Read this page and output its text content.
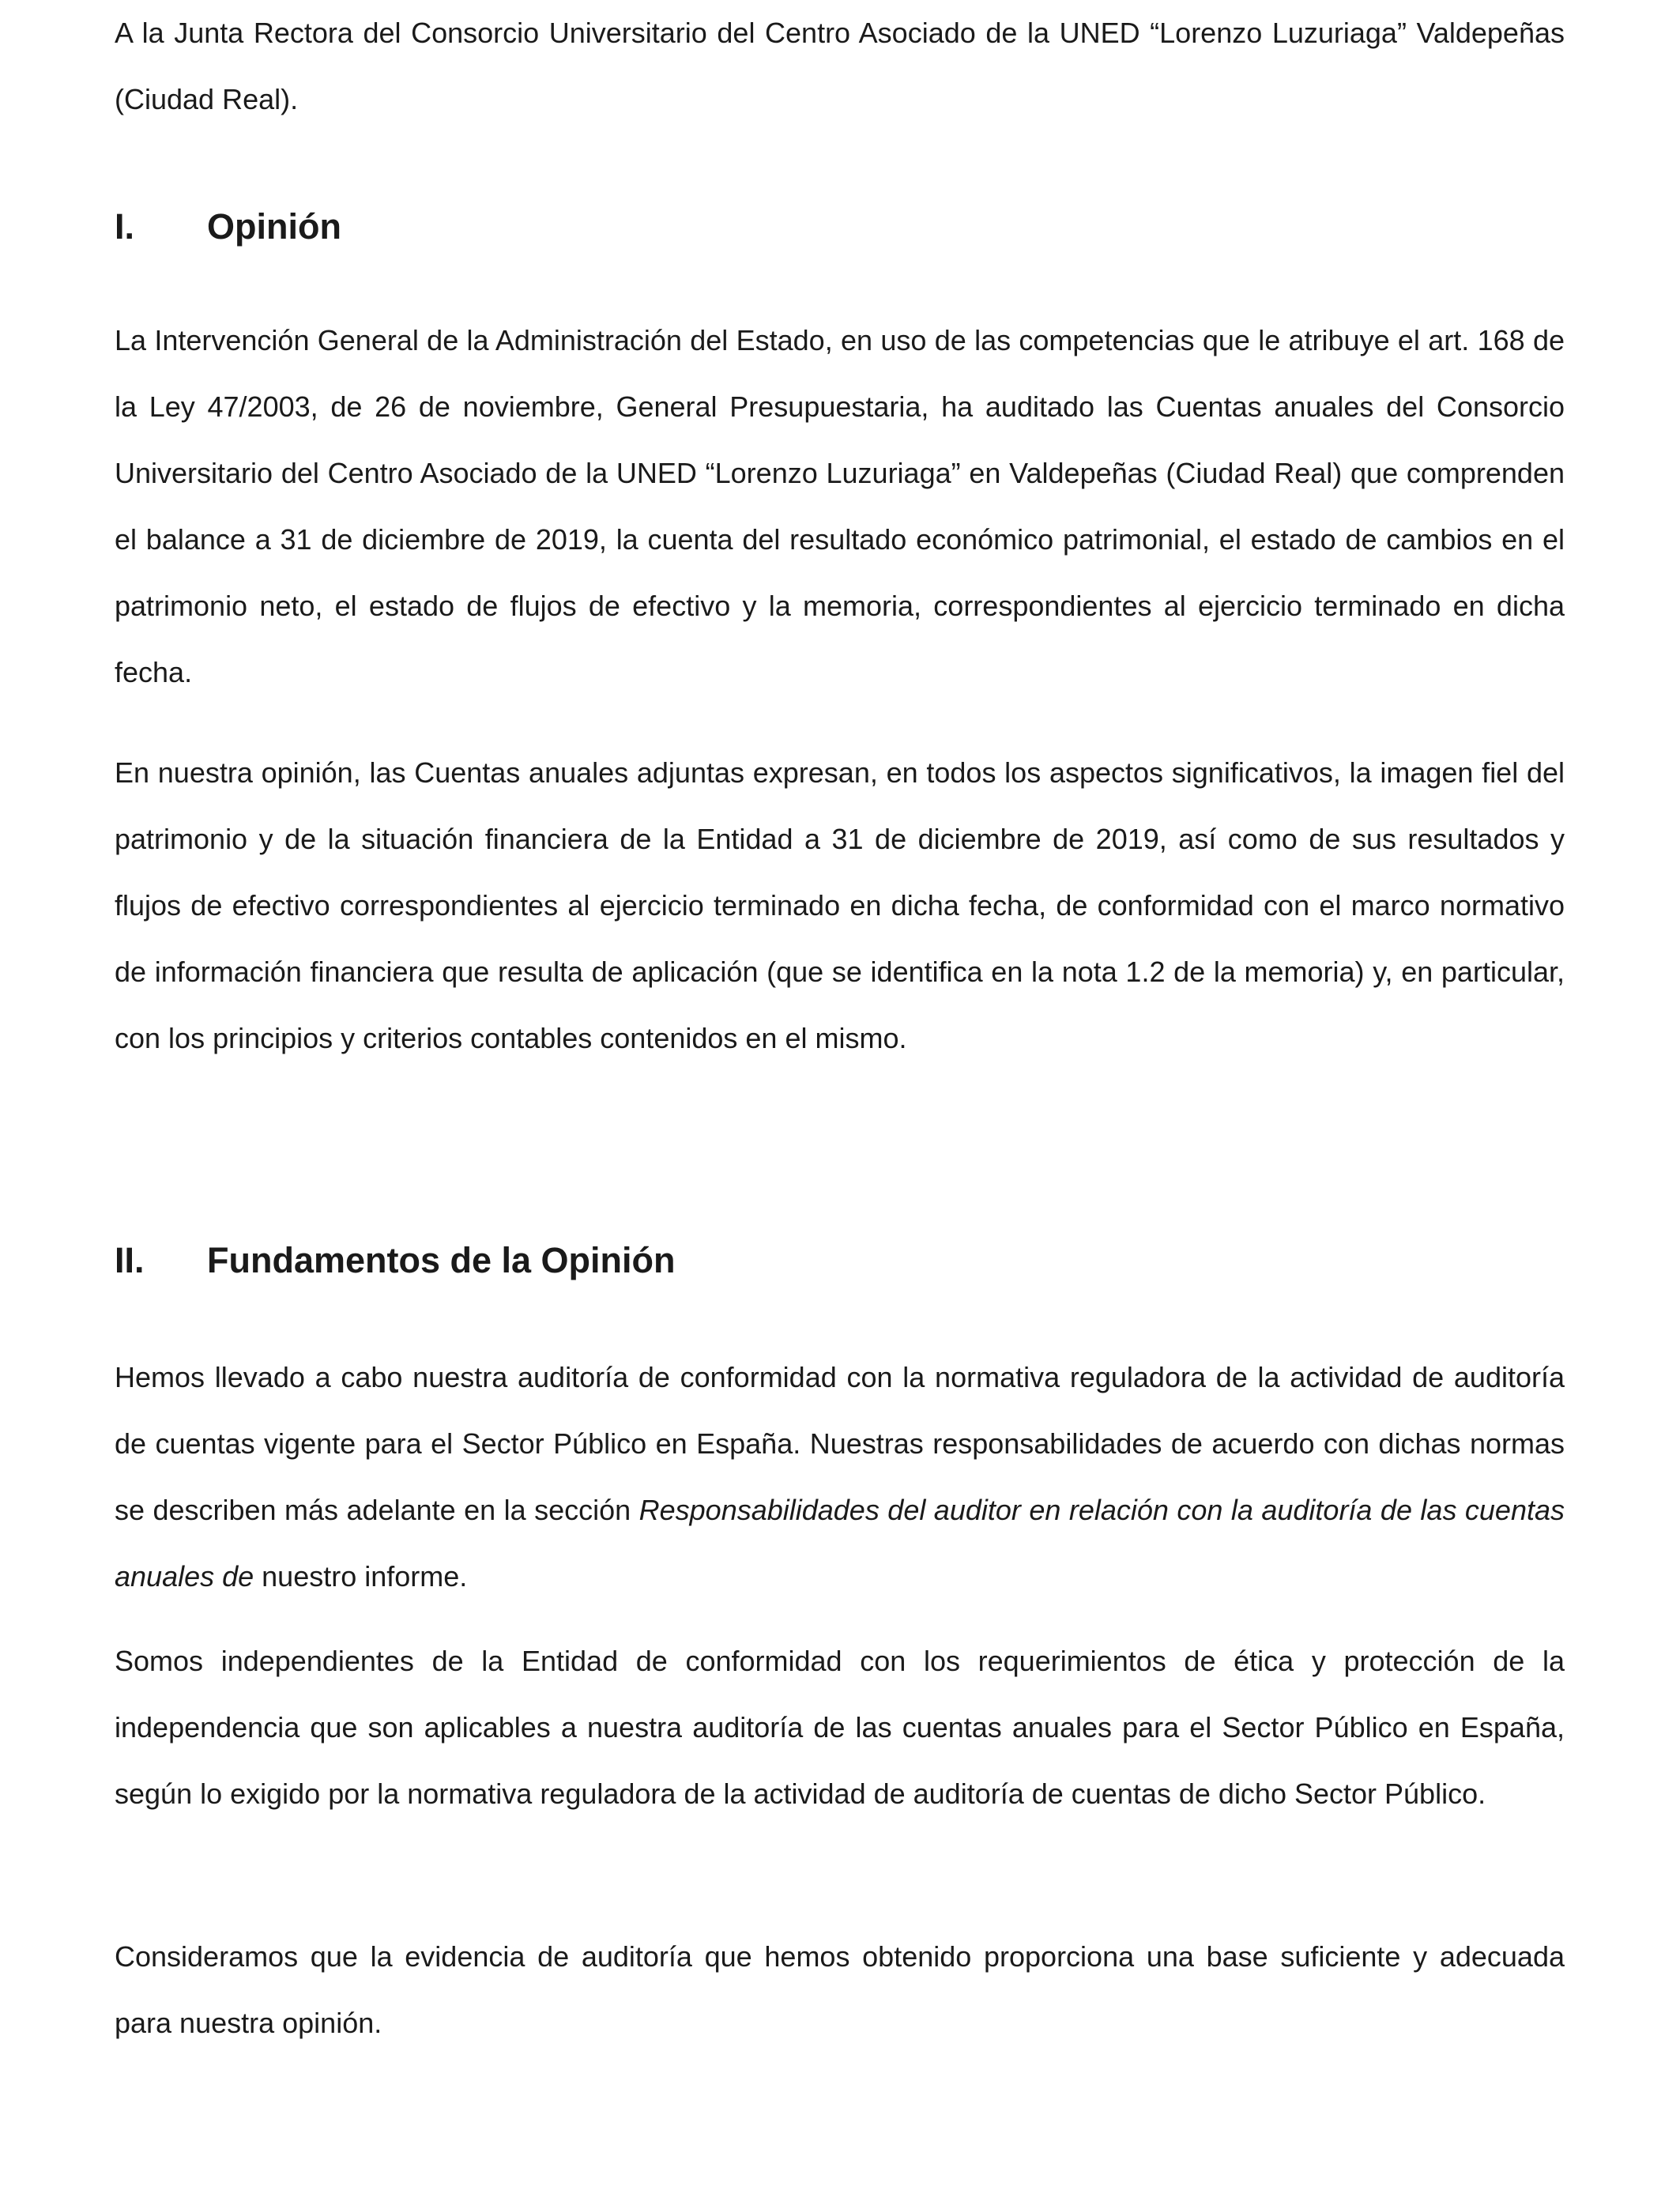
A la Junta Rectora del Consorcio Universitario del Centro Asociado de la UNED “Lorenzo Luzuriaga” Valdepeñas (Ciudad Real).

I. Opinión

La Intervención General de la Administración del Estado, en uso de las competencias que le atribuye el art. 168 de la Ley 47/2003, de 26 de noviembre, General Presupuestaria, ha auditado las Cuentas anuales del Consorcio Universitario del Centro Asociado de la UNED “Lorenzo Luzuriaga” en Valdepeñas (Ciudad Real) que comprenden el balance a 31 de diciembre de 2019, la cuenta del resultado económico patrimonial, el estado de cambios en el patrimonio neto, el estado de flujos de efectivo y la memoria, correspondientes al ejercicio terminado en dicha fecha.

En nuestra opinión, las Cuentas anuales adjuntas expresan, en todos los aspectos significativos, la imagen fiel del patrimonio y de la situación financiera de la Entidad a 31 de diciembre de 2019, así como de sus resultados y flujos de efectivo correspondientes al ejercicio terminado en dicha fecha, de conformidad con el marco normativo de información financiera que resulta de aplicación (que se identifica en la nota 1.2 de la memoria) y, en particular, con los principios y criterios contables contenidos en el mismo.

II. Fundamentos de la Opinión

Hemos llevado a cabo nuestra auditoría de conformidad con la normativa reguladora de la actividad de auditoría de cuentas vigente para el Sector Público en España. Nuestras responsabilidades de acuerdo con dichas normas se describen más adelante en la sección Responsabilidades del auditor en relación con la auditoría de las cuentas anuales de nuestro informe.

Somos independientes de la Entidad de conformidad con los requerimientos de ética y protección de la independencia que son aplicables a nuestra auditoría de las cuentas anuales para el Sector Público en España, según lo exigido por la normativa reguladora de la actividad de auditoría de cuentas de dicho Sector Público.

Consideramos que la evidencia de auditoría que hemos obtenido proporciona una base suficiente y adecuada para nuestra opinión.
